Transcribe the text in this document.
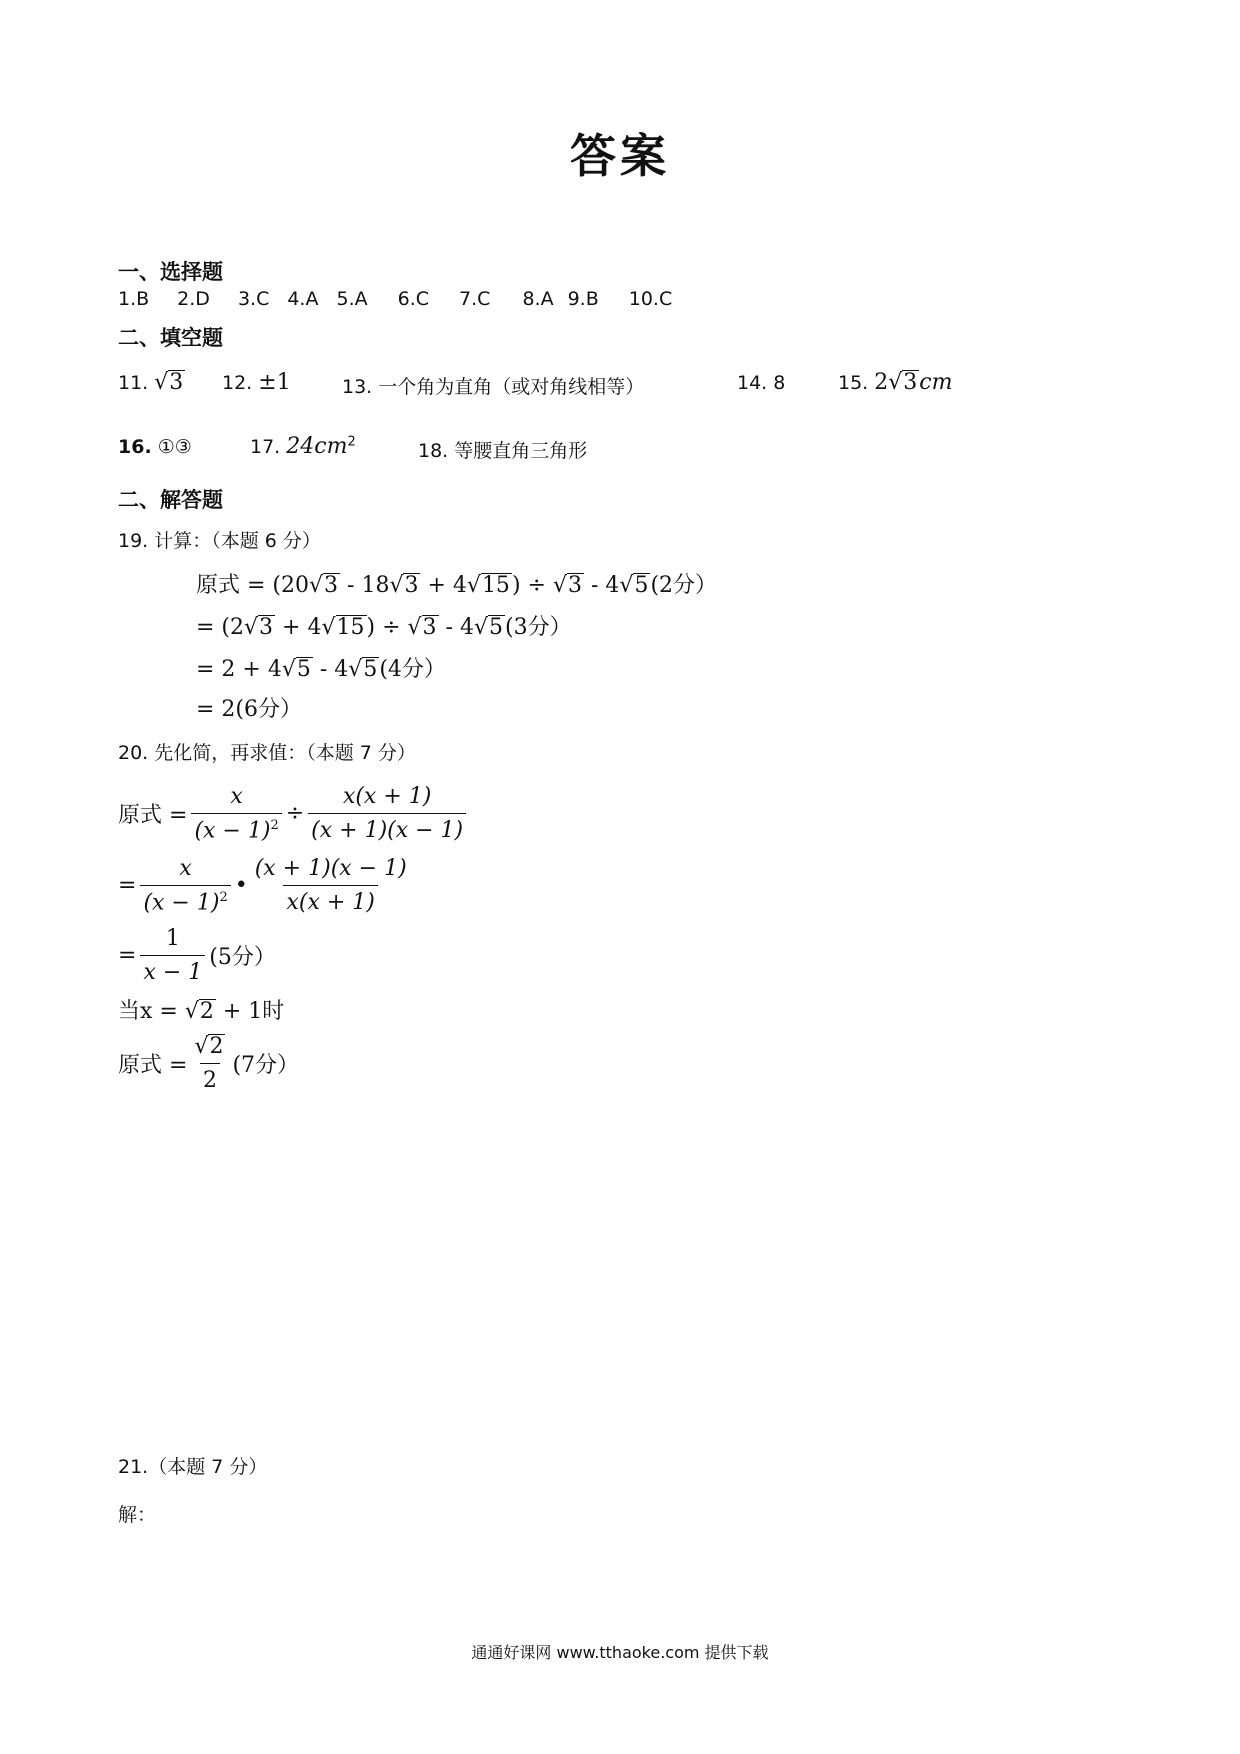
答案
一、选择题
1.B 2.D 3.C 4.A 5.A 6.C 7.C 8.A 9.B 10.C
二、填空题
11. √3 12. ±1	13. 一个角为直角（或对角线相等）	14. 8	15. 2√3cm
16. ①③	17. $24cm^2$	18. 等腰直角三角形
二、解答题
19. 计算：（本题 6 分）
原式 = (20√3 - 18√3 + 4√15) ÷ √3 - 4√5(2分）
= (2√3 + 4√15) ÷ √3 - 4√5(3分）
= 2 + 4√5 - 4√5(4分）
= 2(6分）
20. 先化简，再求值：（本题 7 分）
原式 = $\frac{x}{(x - 1)^2} \div \frac{x(x + 1)}{(x + 1)(x - 1)}$
= $\frac{x}{(x - 1)^2}$ • $\frac{(x + 1)(x - 1)}{x(x + 1)}$
= $\frac{1}{x - 1} (5$分）
当x = √2 + 1时
原式 = $\frac{√2}{2} (7$分）
21.（本题 7 分）
解：
通通好课网 www.tthaoke.com 提供下载
